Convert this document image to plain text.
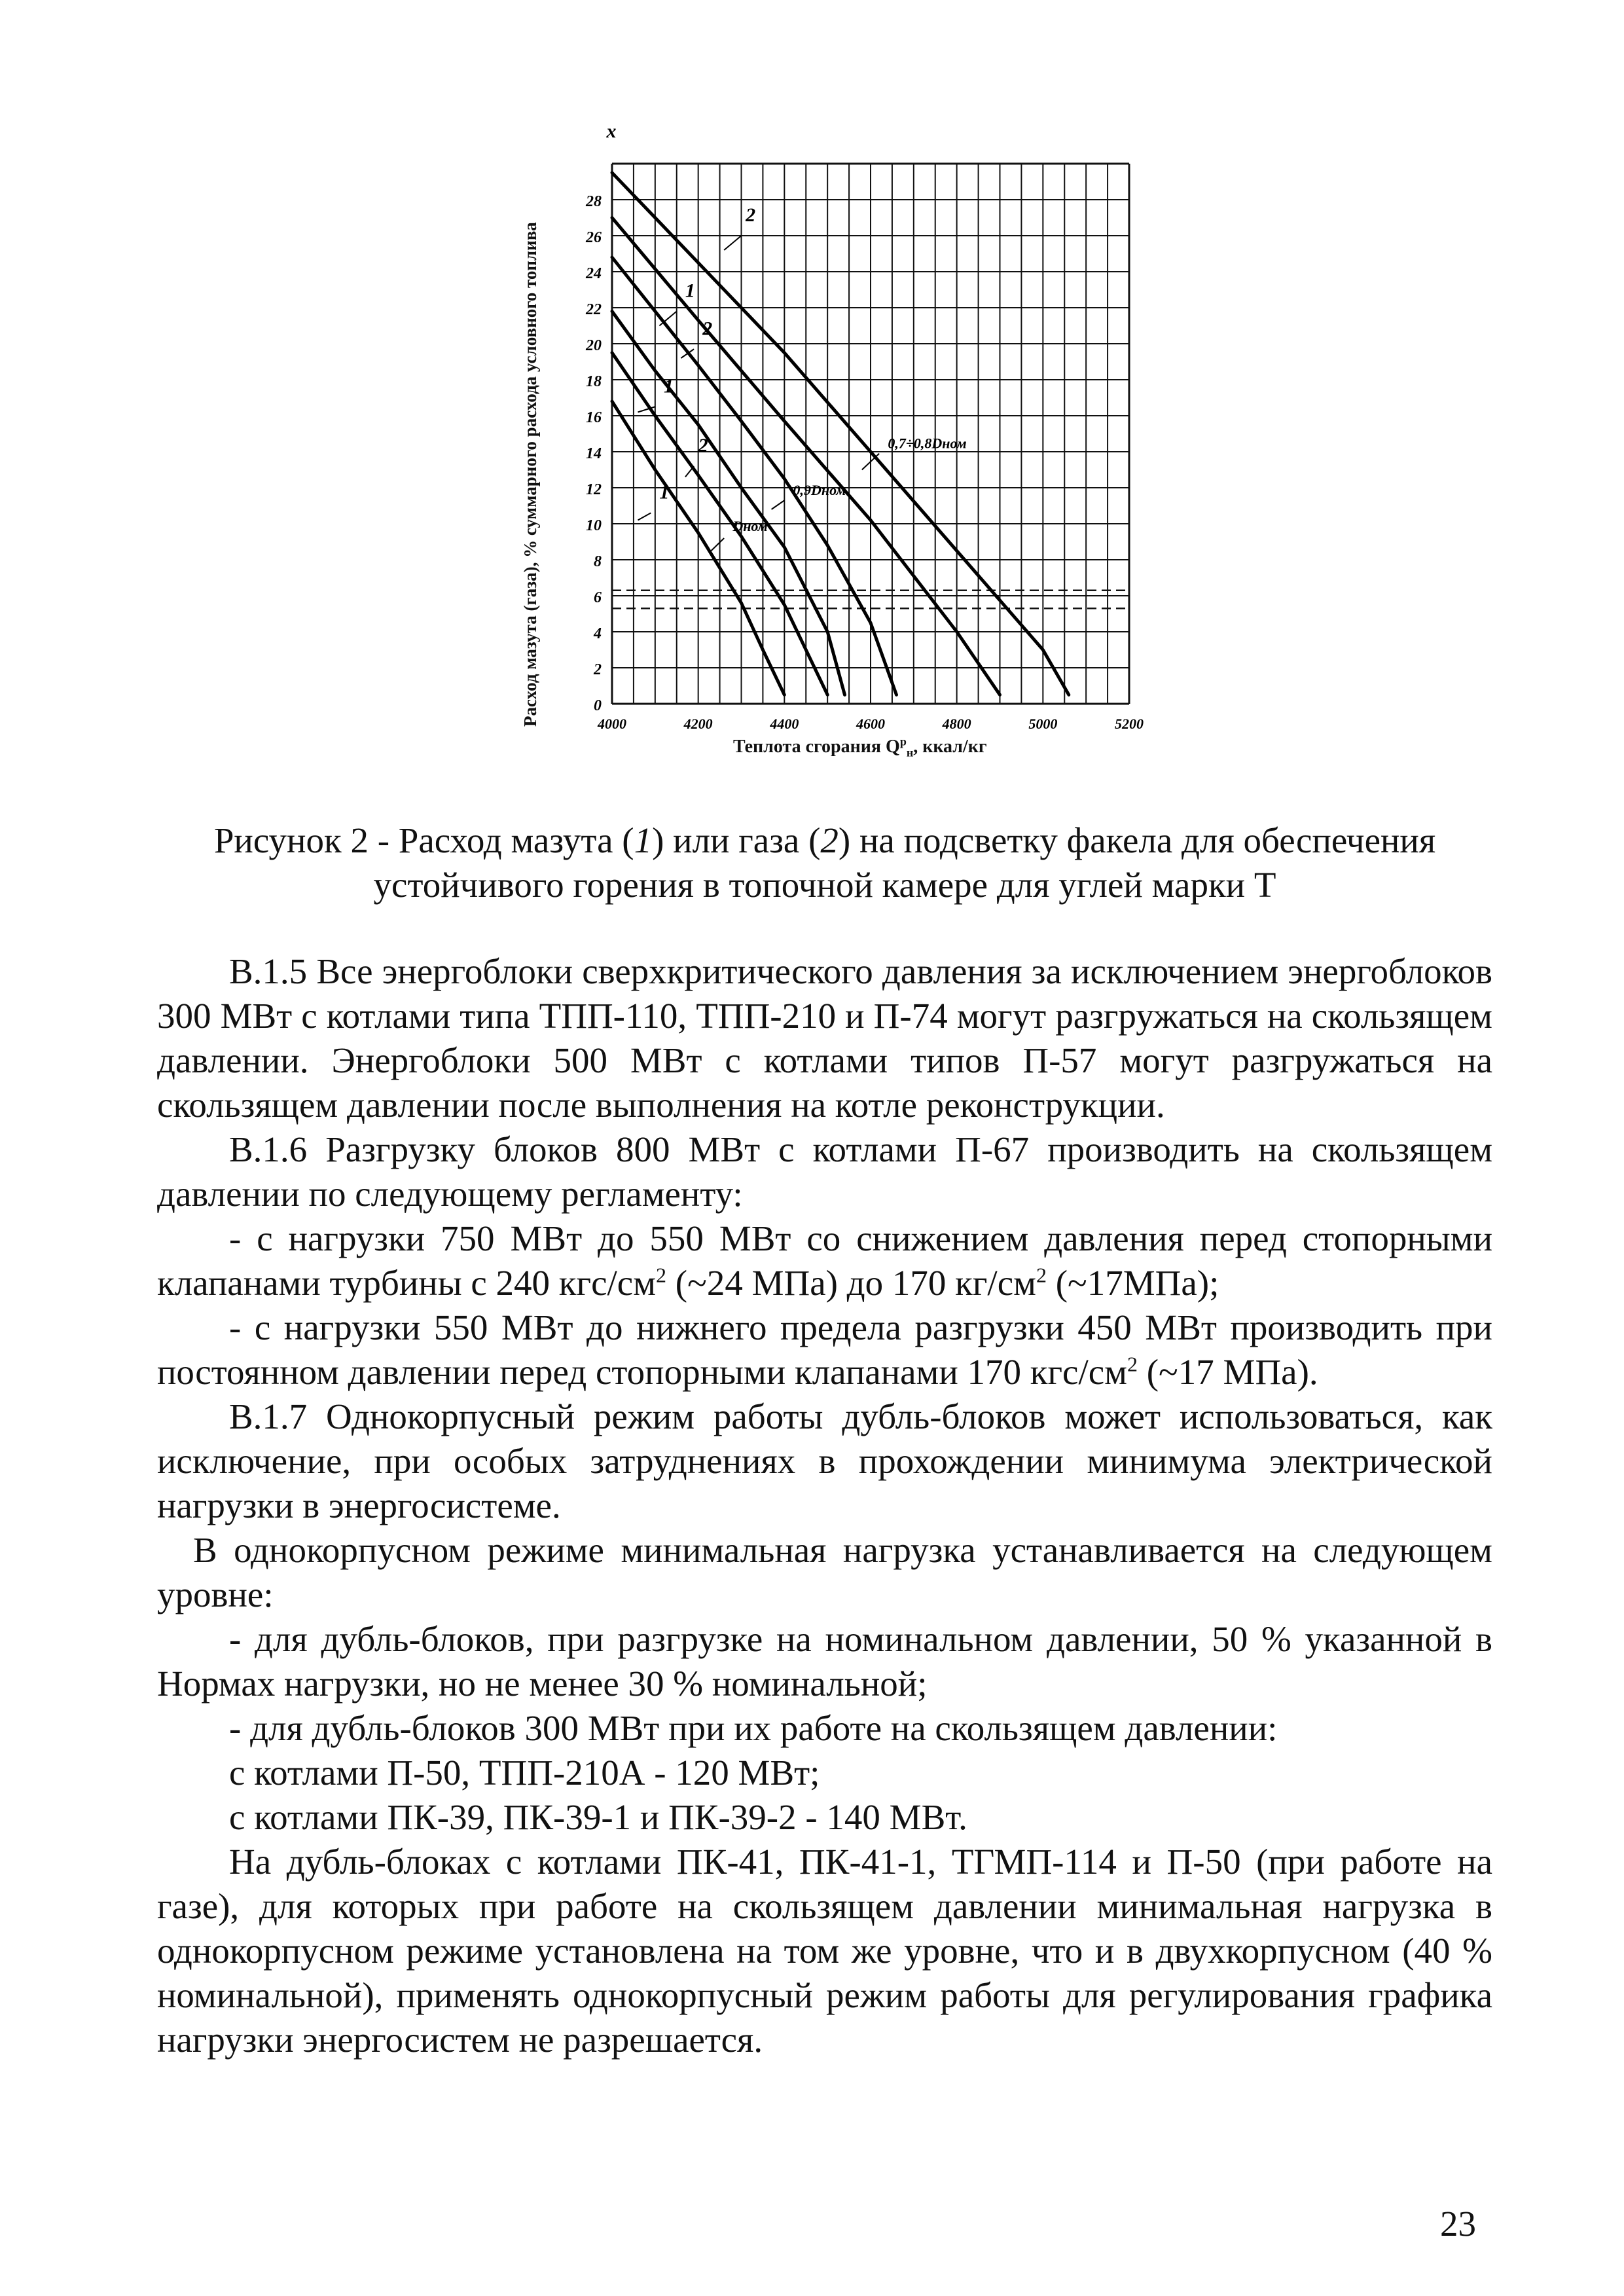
Расход мазута (газа), % суммарного расхода условного топлива
x
0
2
4
6
8
10
12
14
16
18
20
22
24
26
28
4000	4200	4400	4600	4800	5000	5200
1
2
1
2
1
2
Dном
0,9Dном
0,7÷0,8Dном
Теплота сгорания $Q^р_н$, ккал/кг
Рисунок 2 - Расход мазута (1) или газа (2) на подсветку факела для обеспечения
устойчивого горения в топочной камере для углей марки Т

В.1.5 Все энергоблоки сверхкритического давления за исключением энергоблоков 300 МВт с котлами типа ТПП-110, ТПП-210 и П-74 могут разгружаться на скользящем давлении. Энергоблоки 500 МВт с котлами типов П-57 могут разгружаться на скользящем давлении после выполнения на котле реконструкции.

В.1.6 Разгрузку блоков 800 МВт с котлами П-67 производить на скользящем давлении по следующему регламенту:

- с нагрузки 750 МВт до 550 МВт со снижением давления перед стопорными клапанами турбины с 240 кгс/$см^2$ (~24 МПа) до 170 $кг/см^2$ (~17МПа);

- с нагрузки 550 МВт до нижнего предела разгрузки 450 МВт производить при постоянном давлении перед стопорными клапанами 170 кгс/$см^2$ (~17 МПа).

В.1.7 Однокорпусный режим работы дубль-блоков может использоваться, как исключение, при особых затруднениях в прохождении минимума электрической нагрузки в энергосистеме.

В однокорпусном режиме минимальная нагрузка устанавливается на следующем уровне:

- для дубль-блоков, при разгрузке на номинальном давлении, 50 % указанной в Нормах нагрузки, но не менее 30 % номинальной;

- для дубль-блоков 300 МВт при их работе на скользящем давлении:

с котлами П-50, ТПП-210А - 120 МВт;

с котлами ПК-39, ПК-39-1 и ПК-39-2 - 140 МВт.

На дубль-блоках с котлами ПК-41, ПК-41-1, ТГМП-114 и П-50 (при работе на газе), для которых при работе на скользящем давлении минимальная нагрузка в однокорпусном режиме установлена на том же уровне, что и в двухкорпусном (40 % номинальной), применять однокорпусный режим работы для регулирования графика нагрузки энергосистем не разрешается.

23
